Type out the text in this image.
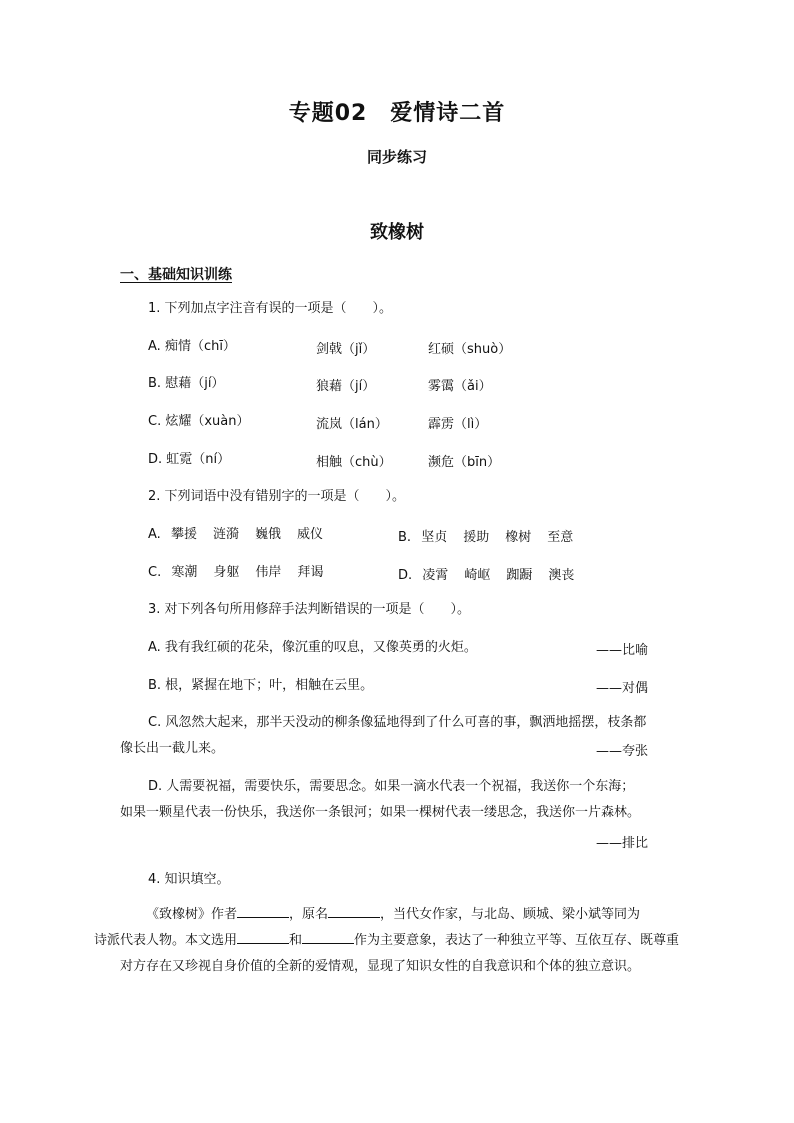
专题02　爱情诗二首
同步练习
致橡树
一、基础知识训练
1. 下列加点字注音有误的一项是（　　）。
A. 痴情（chī）	剑戟（jǐ）	红硕（shuò）
B. 慰藉（jí）	狼藉（jí）	雾霭（ǎi）
C. 炫耀（xuàn）	流岚（lán）	霹雳（lì）
D. 虹霓（ní）	相触（chù）	濒危（bīn）
2. 下列词语中没有错别字的一项是（　　）。
A. 攀援 涟漪 巍俄 威仪	B. 坚贞 援助 橡树 至意
C. 寒潮 身躯 伟岸 拜谒	D. 凌霄 崎岖 踟蹰 澳丧
3. 对下列各句所用修辞手法判断错误的一项是（　　）。
A. 我有我红硕的花朵，像沉重的叹息，又像英勇的火炬。	——比喻
B. 根，紧握在地下；叶，相触在云里。	——对偶
C. 风忽然大起来，那半天没动的柳条像猛地得到了什么可喜的事，飘洒地摇摆，枝条都
像长出一截儿来。	——夸张
D. 人需要祝福，需要快乐，需要思念。如果一滴水代表一个祝福，我送你一个东海；
如果一颗星代表一份快乐，我送你一条银河；如果一棵树代表一缕思念，我送你一片森林。
——排比
4. 知识填空。
《致橡树》作者	，原名	，当代女作家，与北岛、顾城、梁小斌等同为
诗派代表人物。本文选用	和	作为主要意象，表达了一种独立平等、互依互存、既尊重对方存在又珍视自身价值的全新的爱情观，显现了知识女性的自我意识和个体的独立意识。
